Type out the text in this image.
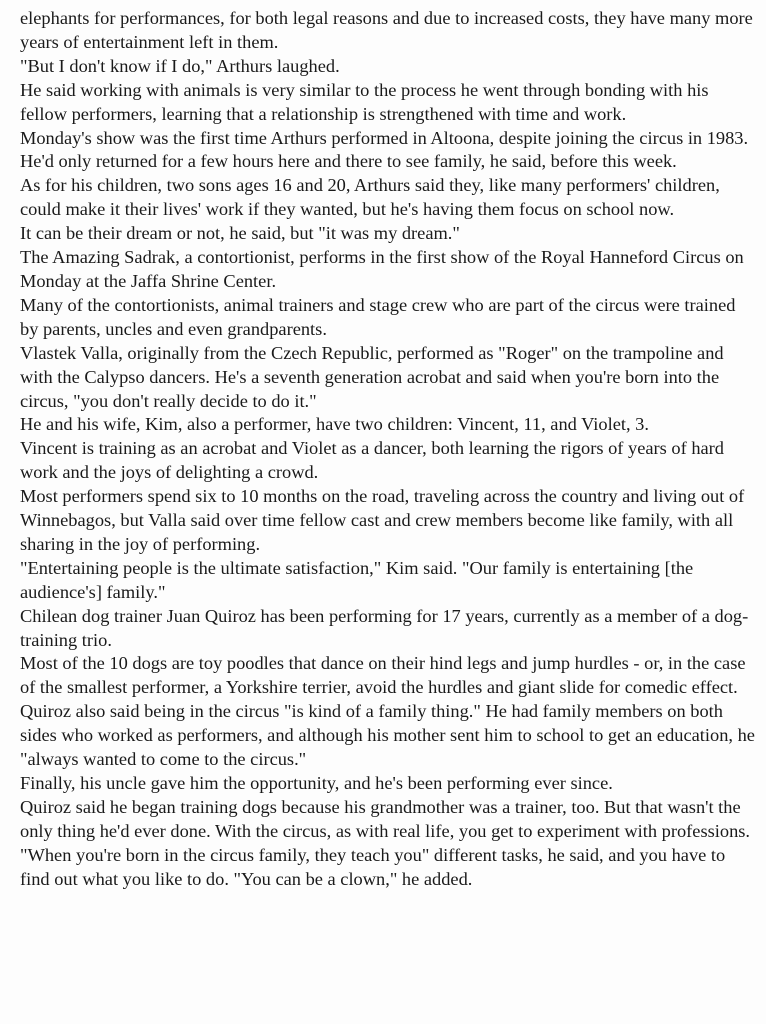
elephants for performances, for both legal reasons and due to increased costs, they have many more years of entertainment left in them.

"But I don't know if I do," Arthurs laughed.

He said working with animals is very similar to the process he went through bonding with his fellow performers, learning that a relationship is strengthened with time and work.

Monday's show was the first time Arthurs performed in Altoona, despite joining the circus in 1983. He'd only returned for a few hours here and there to see family, he said, before this week.

As for his children, two sons ages 16 and 20, Arthurs said they, like many performers' children, could make it their lives' work if they wanted, but he's having them focus on school now.

It can be their dream or not, he said, but "it was my dream."

The Amazing Sadrak, a contortionist, performs in the first show of the Royal Hanneford Circus on Monday at the Jaffa Shrine Center.

Many of the contortionists, animal trainers and stage crew who are part of the circus were trained by parents, uncles and even grandparents.

Vlastek Valla, originally from the Czech Republic, performed as "Roger" on the trampoline and with the Calypso dancers. He's a seventh generation acrobat and said when you're born into the circus, "you don't really decide to do it."

He and his wife, Kim, also a performer, have two children: Vincent, 11, and Violet, 3.

Vincent is training as an acrobat and Violet as a dancer, both learning the rigors of years of hard work and the joys of delighting a crowd.

Most performers spend six to 10 months on the road, traveling across the country and living out of Winnebagos, but Valla said over time fellow cast and crew members become like family, with all sharing in the joy of performing.

"Entertaining people is the ultimate satisfaction," Kim said. "Our family is entertaining [the audience's] family."

Chilean dog trainer Juan Quiroz has been performing for 17 years, currently as a member of a dog-training trio.

Most of the 10 dogs are toy poodles that dance on their hind legs and jump hurdles - or, in the case of the smallest performer, a Yorkshire terrier, avoid the hurdles and giant slide for comedic effect.

Quiroz also said being in the circus "is kind of a family thing." He had family members on both sides who worked as performers, and although his mother sent him to school to get an education, he "always wanted to come to the circus."

Finally, his uncle gave him the opportunity, and he's been performing ever since.

Quiroz said he began training dogs because his grandmother was a trainer, too. But that wasn't the only thing he'd ever done. With the circus, as with real life, you get to experiment with professions.

"When you're born in the circus family, they teach you" different tasks, he said, and you have to find out what you like to do. "You can be a clown," he added.
